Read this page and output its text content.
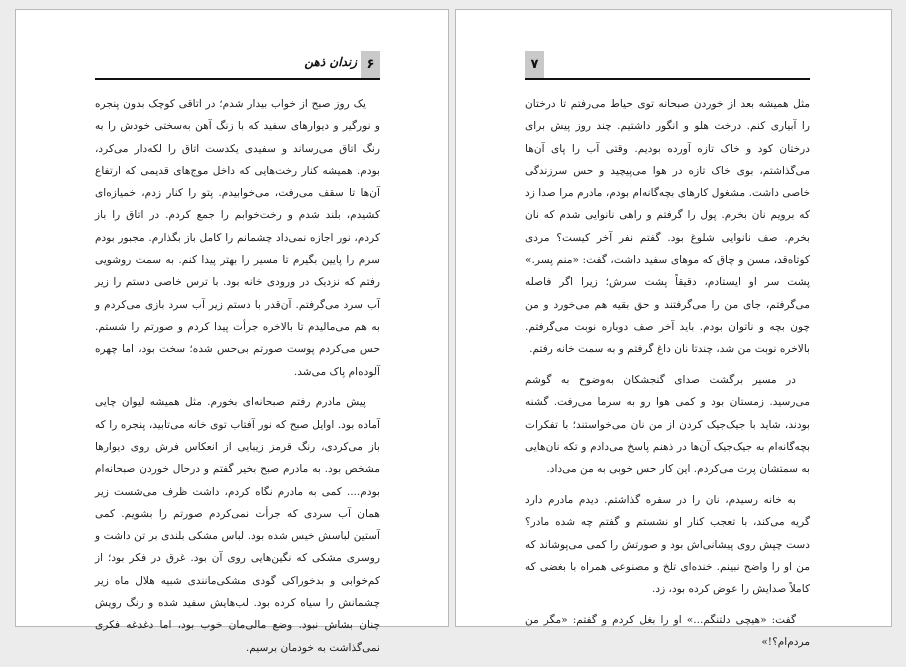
زندان ذهن ۶

یک روز صبح از خواب بیدار شدم؛ در اتاقی کوچک بدون پنجره و نورگیر و دیوارهای سفید که با زنگ آهن به‌سختی خودش را به رنگ اتاق می‌رساند و سفیدی یکدست اتاق را لکه‌دار می‌کرد، بودم. همیشه کنار رخت‌هایی که داخل موج‌های قدیمی که ارتفاع آن‌ها تا سقف می‌رفت، می‌خوابیدم. پتو را کنار زدم، خمیازه‌ای کشیدم، بلند شدم و رخت‌خوابم را جمع کردم. در اتاق را باز کردم، نور اجازه نمی‌داد چشمانم را کامل باز بگذارم. مجبور بودم سرم را پایین بگیرم تا مسیر را بهتر پیدا کنم. به سمت روشویی رفتم که نزدیک در ورودی خانه بود. با ترس خاصی دستم را زیر آب سرد می‌گرفتم. آن‌قدر با دستم زیر آب سرد بازی می‌کردم و به هم می‌مالیدم تا بالاخره جرأت پیدا کردم و صورتم را شستم. حس می‌کردم پوست صورتم بی‌حس شده؛ سخت بود، اما چهره آلوده‌ام پاک می‌شد.

پیش مادرم رفتم صبحانه‌ای بخورم. مثل همیشه لیوان چایی آماده بود. اوایل صبح که نور آفتاب توی خانه می‌تابید، پنجره را که باز می‌کردی، رنگ قرمز زیبایی از انعکاس فرش روی دیوارها مشخص بود. به مادرم صبح بخیر گفتم و درحال خوردن صبحانه‌ام بودم.... کمی به مادرم نگاه کردم، داشت ظرف می‌شست زیر همان آب سردی که جرأت نمی‌کردم صورتم را بشویم. کمی آستین لباسش خیس شده بود. لباس مشکی بلندی بر تن داشت و روسری مشکی که نگین‌هایی روی آن بود. غرق در فکر بود؛ از کم‌خوابی و بدخوراکی گودی مشکی‌مانندی شبیه هلال ماه زیر چشمانش را سیاه کرده بود. لب‌هایش سفید شده و رنگ رویش چنان بشاش نبود. وضع مالی‌مان خوب بود، اما دغدغه فکری نمی‌گذاشت به خودمان برسیم.

۷

مثل همیشه بعد از خوردن صبحانه توی حیاط می‌رفتم تا درختان را آبیاری کنم. درخت هلو و انگور داشتیم. چند روز پیش برای درختان کود و خاک تازه آورده بودیم. وقتی آب را پای آن‌ها می‌گذاشتم، بوی خاک تازه در هوا می‌پیچید و حس سرزندگی خاصی داشت. مشغول کارهای بچه‌گانه‌ام بودم، مادرم مرا صدا زد که برویم نان بخرم. پول را گرفتم و راهی نانوایی شدم که نان بخرم. صف نانوایی شلوغ بود. گفتم نفر آخر کیست؟ مردی کوتاه‌قد، مسن و چاق که موهای سفید داشت، گفت: «منم پسر.» پشت سر او ایستادم، دقیقاً پشت سرش؛ زیرا اگر فاصله می‌گرفتم، جای من را می‌گرفتند و حق بقیه هم می‌خورد و من چون بچه و ناتوان بودم. باید آخر صف دوباره نوبت می‌گرفتم. بالاخره نوبت من شد، چندتا نان داغ گرفتم و به سمت خانه رفتم.

در مسیر برگشت صدای گنجشکان به‌وضوح به گوشم می‌رسید. زمستان بود و کمی هوا رو به سرما می‌رفت. گشنه بودند، شاید با جیک‌جیک کردن از من نان می‌خواستند؛ با تفکرات بچه‌گانه‌ام به جیک‌جیک آن‌ها در ذهنم پاسخ می‌دادم و تکه نان‌هایی به سمتشان پرت می‌کردم. این کار حس خوبی به من می‌داد.

به خانه رسیدم، نان را در سفره گذاشتم. دیدم مادرم دارد گریه می‌کند، با تعجب کنار او نشستم و گفتم چه شده مادر؟ دست چپش روی پیشانی‌اش بود و صورتش را کمی می‌پوشاند که من او را واضح نبینم. خنده‌ای تلخ و مصنوعی همراه با بغضی که کاملاً صدایش را عوض کرده بود، زد.

گفت: «هیچی دلتنگم...» او را بغل کردم و گفتم: «مگر من مردم‌ام؟!»
